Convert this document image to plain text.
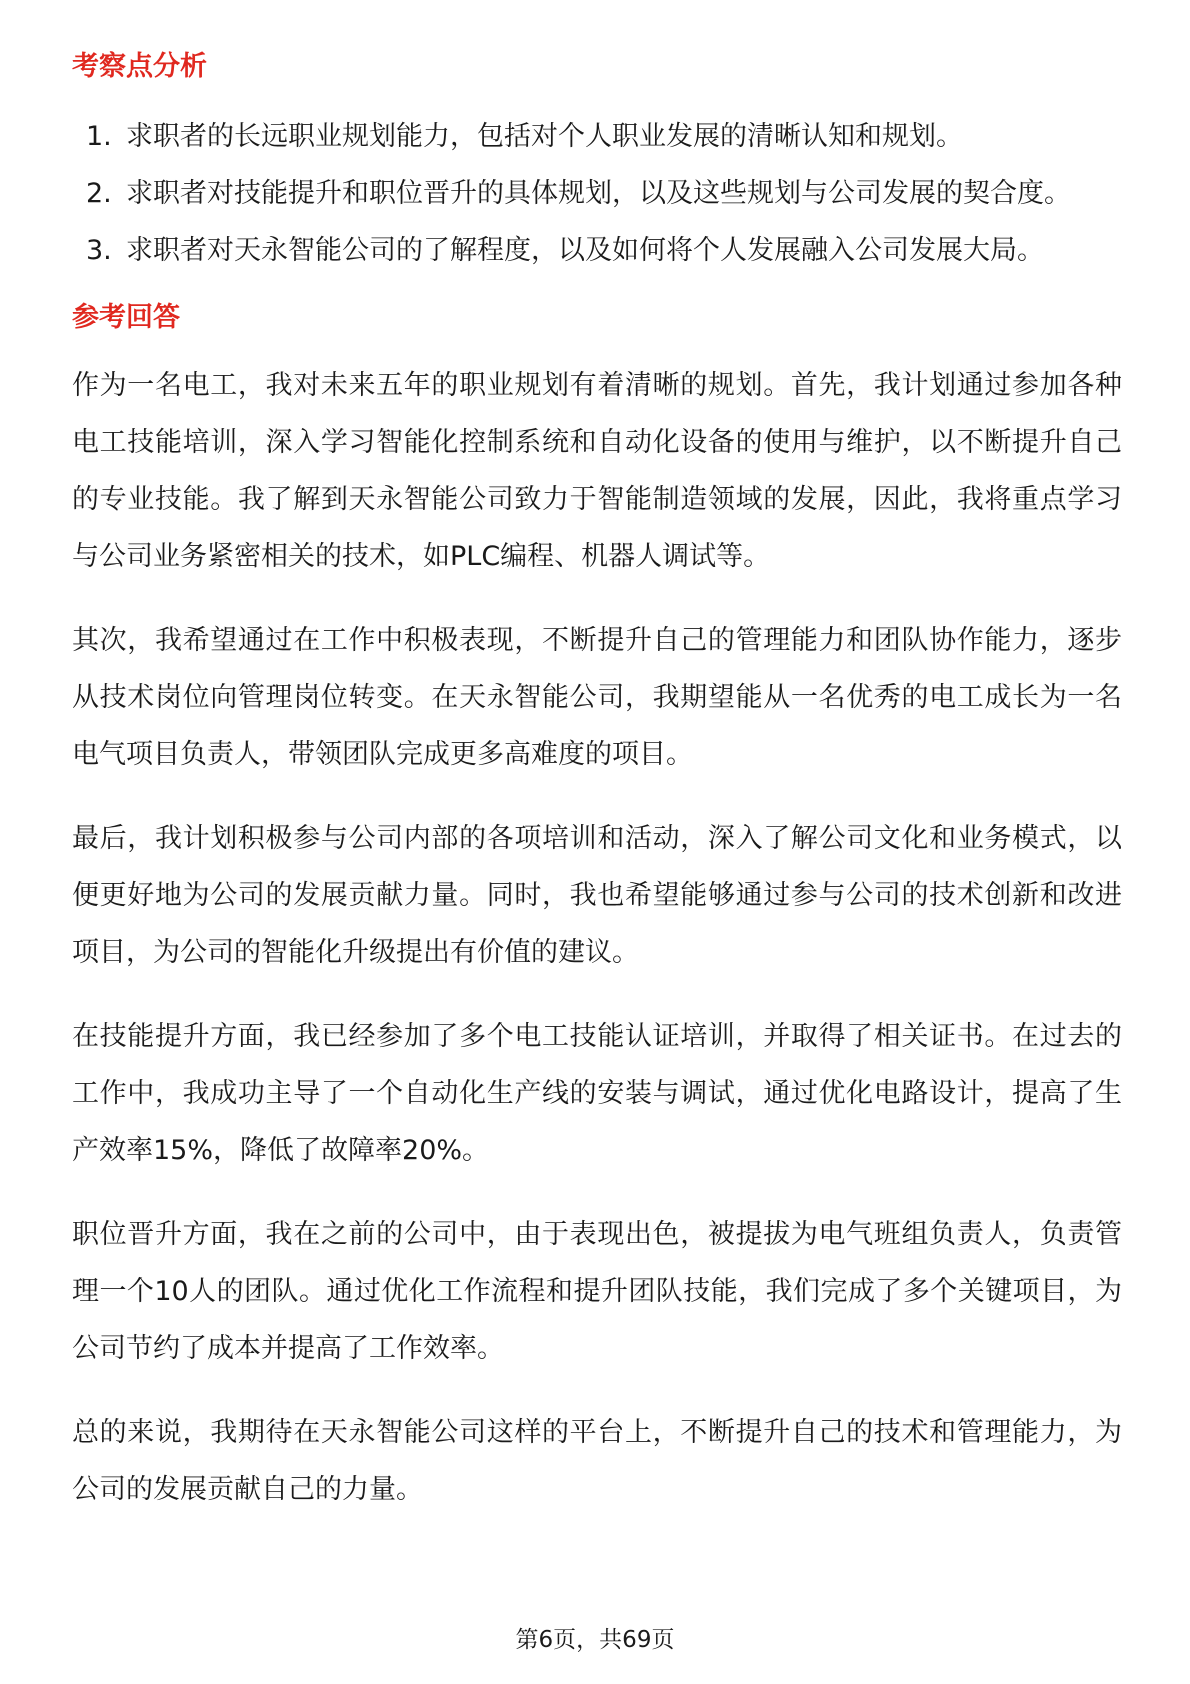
考察点分析
1. 求职者的长远职业规划能力，包括对个人职业发展的清晰认知和规划。
2. 求职者对技能提升和职位晋升的具体规划，以及这些规划与公司发展的契合度。
3. 求职者对天永智能公司的了解程度，以及如何将个人发展融入公司发展大局。
参考回答

作为一名电工，我对未来五年的职业规划有着清晰的规划。首先，我计划通过参加各种电工技能培训，深入学习智能化控制系统和自动化设备的使用与维护，以不断提升自己的专业技能。我了解到天永智能公司致力于智能制造领域的发展，因此，我将重点学习与公司业务紧密相关的技术，如PLC编程、机器人调试等。

其次，我希望通过在工作中积极表现，不断提升自己的管理能力和团队协作能力，逐步从技术岗位向管理岗位转变。在天永智能公司，我期望能从一名优秀的电工成长为一名电气项目负责人，带领团队完成更多高难度的项目。

最后，我计划积极参与公司内部的各项培训和活动，深入了解公司文化和业务模式，以便更好地为公司的发展贡献力量。同时，我也希望能够通过参与公司的技术创新和改进项目，为公司的智能化升级提出有价值的建议。

在技能提升方面，我已经参加了多个电工技能认证培训，并取得了相关证书。在过去的工作中，我成功主导了一个自动化生产线的安装与调试，通过优化电路设计，提高了生产效率15%，降低了故障率20%。

职位晋升方面，我在之前的公司中，由于表现出色，被提拔为电气班组负责人，负责管理一个10人的团队。通过优化工作流程和提升团队技能，我们完成了多个关键项目，为公司节约了成本并提高了工作效率。

总的来说，我期待在天永智能公司这样的平台上，不断提升自己的技术和管理能力，为公司的发展贡献自己的力量。

第6页，共69页
